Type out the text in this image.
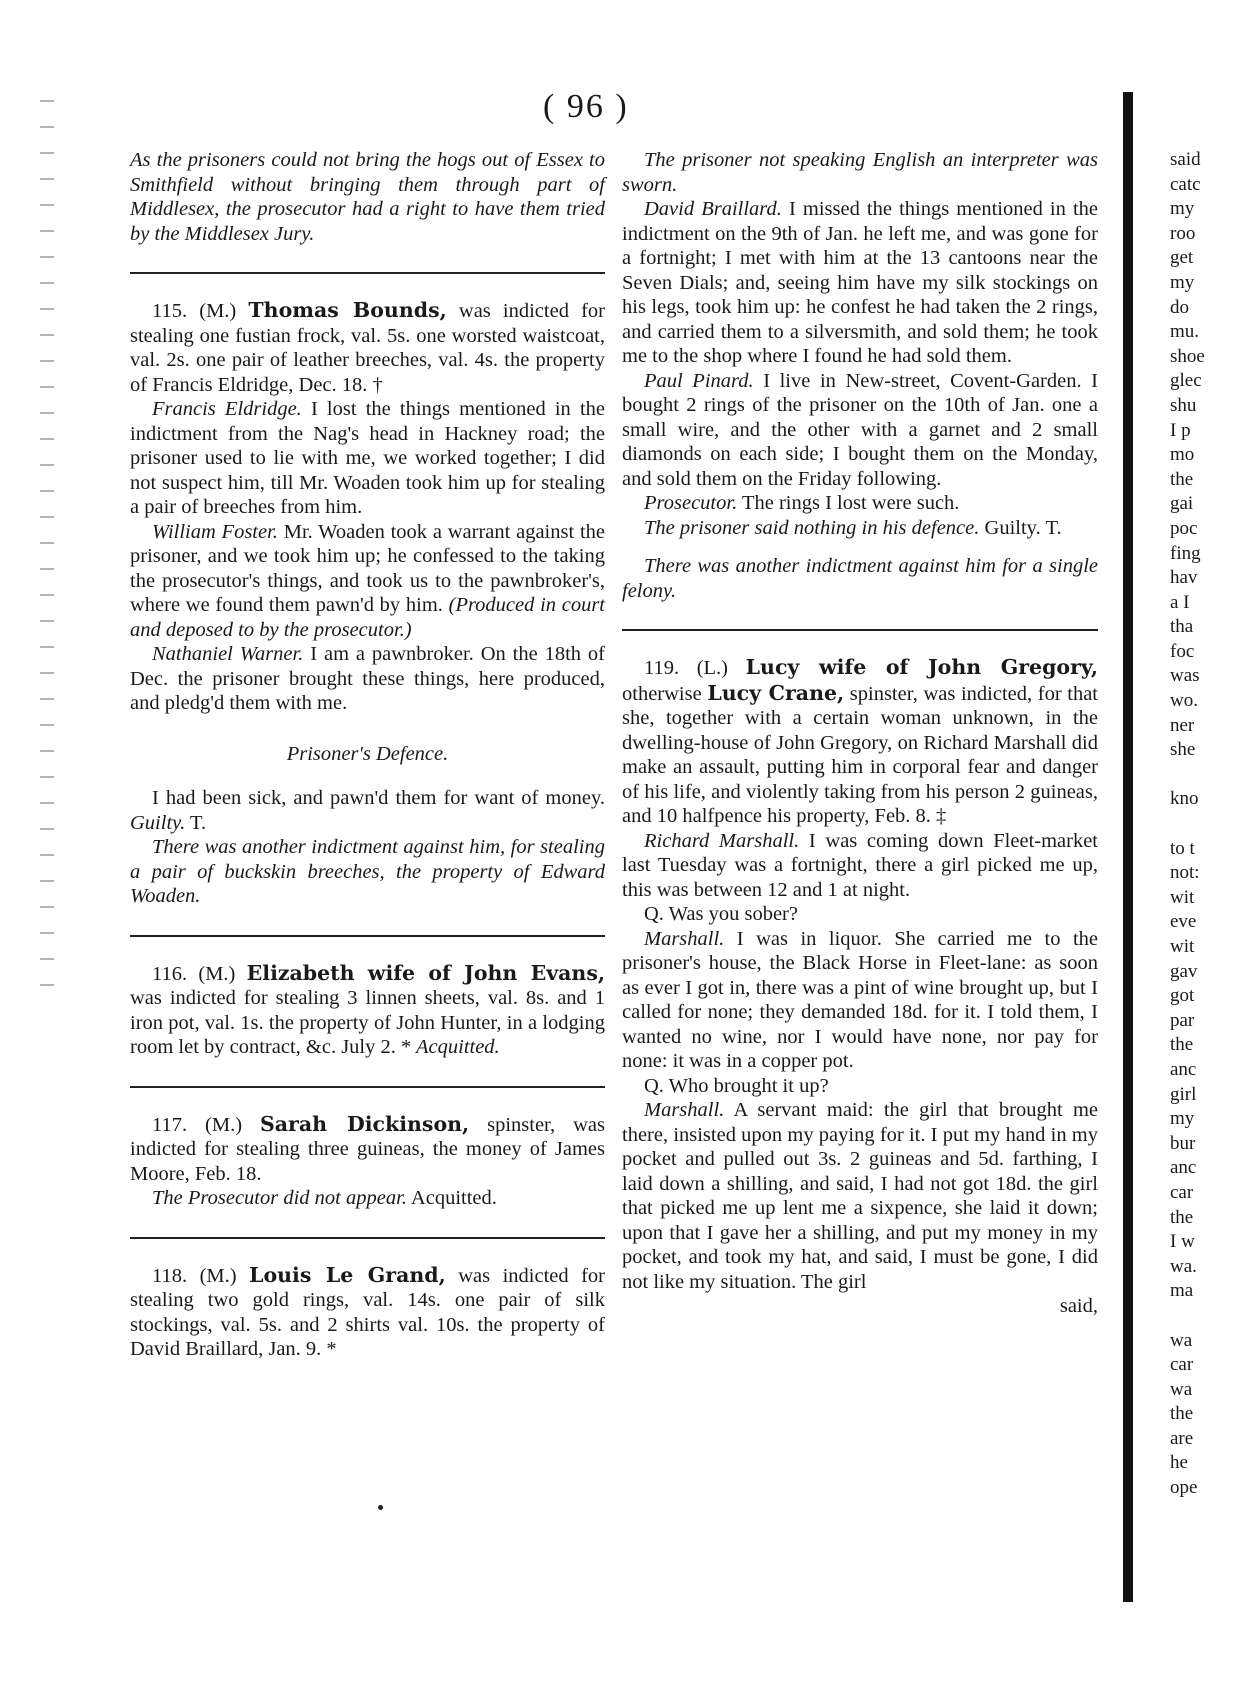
( 96 )

As the prisoners could not bring the hogs out of Essex to Smithfield without bringing them through part of Middlesex, the prosecutor had a right to have them tried by the Middlesex Jury.

115. (M.) Thomas Bounds, was indicted for stealing one fustian frock, val. 5s. one worsted waistcoat, val. 2s. one pair of leather breeches, val. 4s. the property of Francis Eldridge, Dec. 18. †

Francis Eldridge. I lost the things mentioned in the indictment from the Nag's head in Hackney road; the prisoner used to lie with me, we worked together; I did not suspect him, till Mr. Woaden took him up for stealing a pair of breeches from him.

William Foster. Mr. Woaden took a warrant against the prisoner, and we took him up; he confessed to the taking the prosecutor's things, and took us to the pawnbroker's, where we found them pawn'd by him. (Produced in court and deposed to by the prosecutor.)

Nathaniel Warner. I am a pawnbroker. On the 18th of Dec. the prisoner brought these things, here produced, and pledg'd them with me.

Prisoner's Defence.

I had been sick, and pawn'd them for want of money. Guilty. T.

There was another indictment against him, for stealing a pair of buckskin breeches, the property of Edward Woaden.

116. (M.) Elizabeth wife of John Evans, was indicted for stealing 3 linnen sheets, val. 8s. and 1 iron pot, val. 1s. the property of John Hunter, in a lodging room let by contract, &c. July 2. * Acquitted.

117. (M.) Sarah Dickinson, spinster, was indicted for stealing three guineas, the money of James Moore, Feb. 18.

The Prosecutor did not appear. Acquitted.

118. (M.) Louis Le Grand, was indicted for stealing two gold rings, val. 14s. one pair of silk stockings, val. 5s. and 2 shirts val. 10s. the property of David Braillard, Jan. 9. *

The prisoner not speaking English an interpreter was sworn.

David Braillard. I missed the things mentioned in the indictment on the 9th of Jan. he left me, and was gone for a fortnight; I met with him at the 13 cantoons near the Seven Dials; and, seeing him have my silk stockings on his legs, took him up: he confest he had taken the 2 rings, and carried them to a silversmith, and sold them; he took me to the shop where I found he had sold them.

Paul Pinard. I live in New-street, Covent-Garden. I bought 2 rings of the prisoner on the 10th of Jan. one a small wire, and the other with a garnet and 2 small diamonds on each side; I bought them on the Monday, and sold them on the Friday following.

Prosecutor. The rings I lost were such.

The prisoner said nothing in his defence. Guilty. T.

There was another indictment against him for a single felony.

119. (L.) Lucy wife of John Gregory, otherwise Lucy Crane, spinster, was indicted, for that she, together with a certain woman unknown, in the dwelling-house of John Gregory, on Richard Marshall did make an assault, putting him in corporal fear and danger of his life, and violently taking from his person 2 guineas, and 10 halfpence his property, Feb. 8. ‡

Richard Marshall. I was coming down Fleet-market last Tuesday was a fortnight, there a girl picked me up, this was between 12 and 1 at night.

Q. Was you sober?

Marshall. I was in liquor. She carried me to the prisoner's house, the Black Horse in Fleet-lane: as soon as ever I got in, there was a pint of wine brought up, but I called for none; they demanded 18d. for it. I told them, I wanted no wine, nor I would have none, nor pay for none: it was in a copper pot.

Q. Who brought it up?

Marshall. A servant maid: the girl that brought me there, insisted upon my paying for it. I put my hand in my pocket and pulled out 3s. 2 guineas and 5d. farthing, I laid down a shilling, and said, I had not got 18d. the girl that picked me up lent me a sixpence, she laid it down; upon that I gave her a shilling, and put my money in my pocket, and took my hat, and said, I must be gone, I did not like my situation. The girl

said,

said
catc
my
roo
get
my
do
mu.
shoe
glec
shu
I p
mo
the
gai
poc
fing
hav
a I
tha
foc
was
wo.
ner
she
kno
to t
not:
wit
eve
wit
gav
got
par
the
anc
girl
my
bur
anc
car
the
I w
wa.
ma
wa
car
wa
the
are
he
ope
